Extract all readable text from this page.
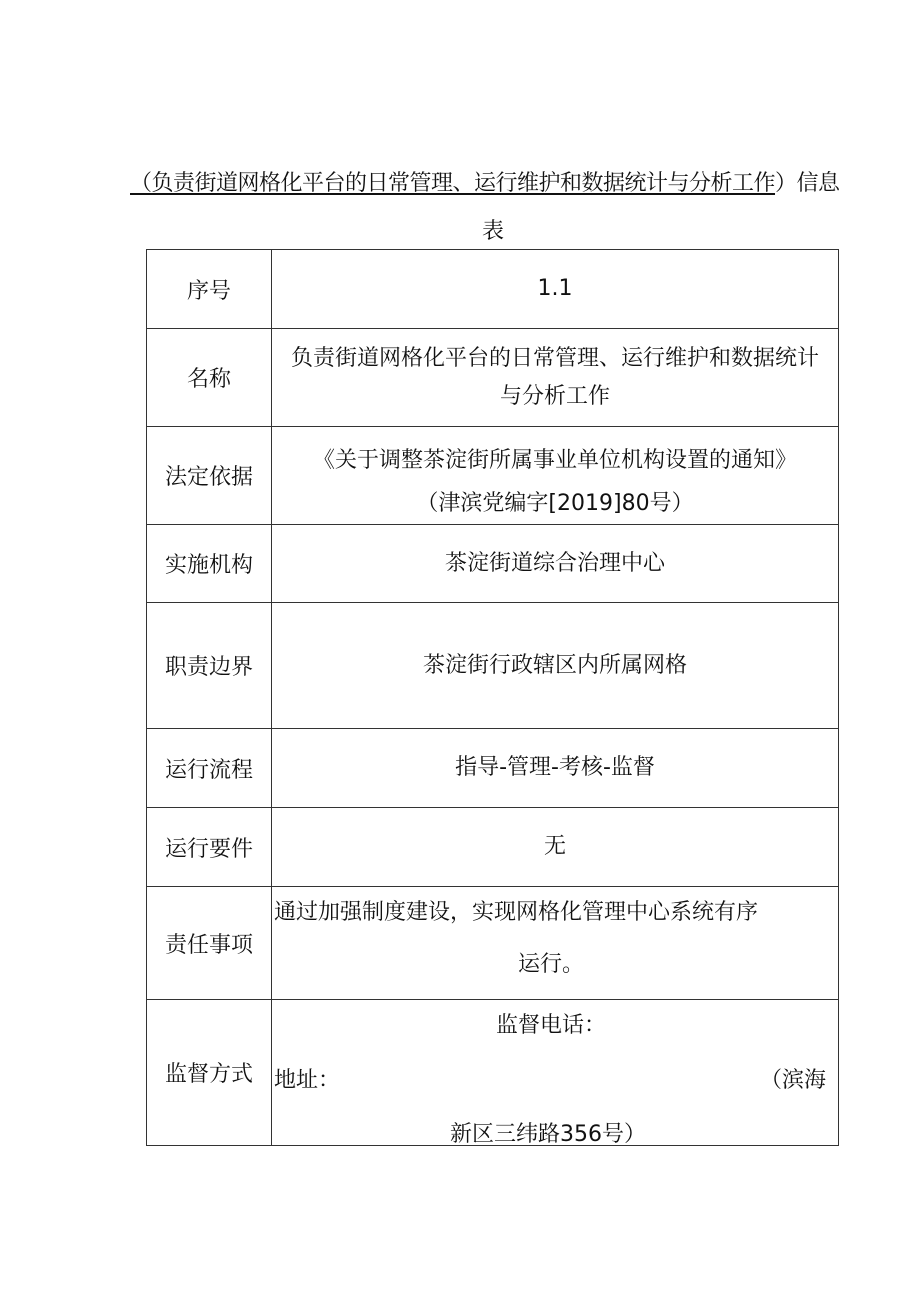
（负责街道网格化平台的日常管理、运行维护和数据统计与分析工作）信息
表
序号	1.1
名称	负责街道网格化平台的日常管理、运行维护和数据统计
与分析工作

法定依据	《关于调整茶淀街所属事业单位机构设置的通知》
（津滨党编字[2019]80号）

实施机构	茶淀街道综合治理中心
职责边界	茶淀街行政辖区内所属网格
运行流程	指导-管理-考核-监督
运行要件	无
责任事项	通过加强制度建设，实现网格化管理中心系统有序
运行。

监督方式	监督电话：
地址： （滨海
新区三纬路356号）
